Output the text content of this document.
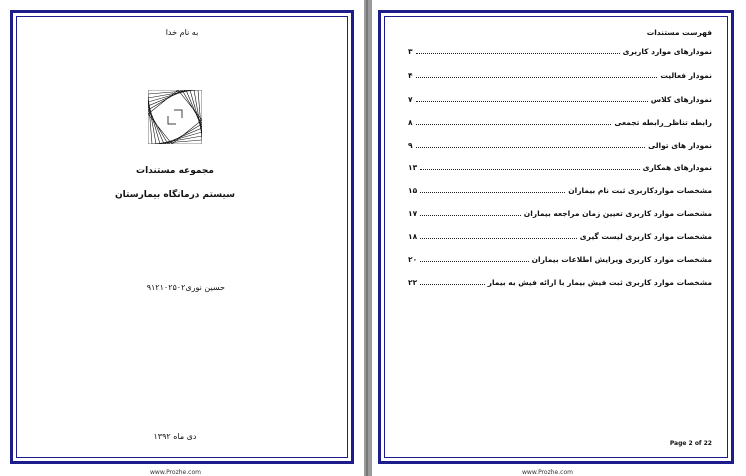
به نام خدا
مجموعه مستندات
سیستم درمانگاه بیمارستان
حسین نوری۹۱۲۱۰۲۵۰۲
دی ماه ۱۳۹۲
www.Prozhe.com
فهرست مستندات
نمودارهای موارد کاربری
۳
نمودار فعالیت
۴
نمودارهای کلاس
۷
رابطه تناظر_رابطه تجمعی
۸
نمودار های توالی
۹
نمودارهای همکاری
۱۳
مشخصات مواردکاربری ثبت نام بیماران
۱۵
مشخصات موارد کاربری تعیین زمان مراجعه بیماران
۱۷
مشخصات موارد کاربری لیست گیری
۱۸
مشخصات موارد کاربری ویرایش اطلاعات بیماران
۲۰
مشخصات موارد کاربری ثبت فیش بیمار با ارائه فیش به بیمار
۲۲
Page 2 of 22
www.Prozhe.com
